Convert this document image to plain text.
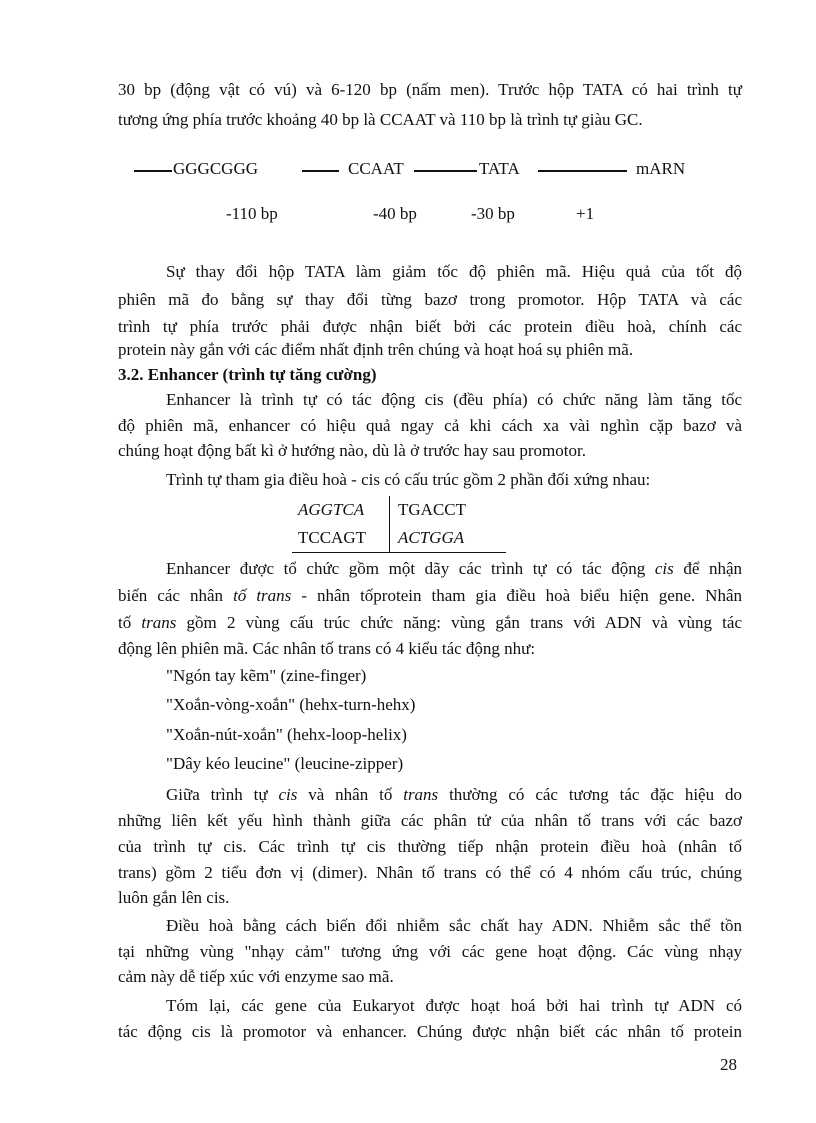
30 bp (động vật có vú) và 6-120 bp (nấm men). Trước hộp TATA có hai trình tự
tương ứng phía trước khoảng 40 bp là CCAAT và 110 bp là trình tự giàu GC.
GGGCGGG	CCAAT	TATA	mARN
-110 bp	-40 bp	-30 bp	+1
Sự thay đổi hộp TATA làm giảm tốc độ phiên mã. Hiệu quả của tốt độ
phiên mã đo bằng sự thay đổi từng bazơ trong promotor. Hộp TATA và các
trình tự phía trước phải được nhận biết bởi các protein điều hoà, chính các
protein này gắn với các điểm nhất định trên chúng và hoạt hoá sụ phiên mã.
3.2. Enhancer (trình tự tăng cường)
Enhancer là trình tự có tác động cis (đều phía) có chức năng làm tăng tốc
độ phiên mã, enhancer có hiệu quả ngay cả khi cách xa vài nghìn cặp bazơ và
chúng hoạt động bất kì ở hướng nào, dù là ở trước hay sau promotor.
Trình tự tham gia điều hoà - cis có cấu trúc gồm 2 phần đối xứng nhau:
AGGTCA TGACCT
TCCAGT ACTGGA
Enhancer được tổ chức gồm một dãy các trình tự có tác động cis để nhận
biến các nhân tố trans - nhân tốprotein tham gia điều hoà biểu hiện gene. Nhân
tố trans gồm 2 vùng cấu trúc chức năng: vùng gắn trans với ADN và vùng tác
động lên phiên mã. Các nhân tố trans có 4 kiểu tác động như:
"Ngón tay kẽm" (zine-finger)
"Xoắn-vòng-xoắn" (hehx-turn-hehx)
"Xoắn-nút-xoắn" (hehx-loop-helix)
"Dây kéo leucine" (leucine-zipper)
Giữa trình tự cis và nhân tố trans thường có các tương tác đặc hiệu do
những liên kết yếu hình thành giữa các phân tử của nhân tố trans với các bazơ
của trình tự cis. Các trình tự cis thường tiếp nhận protein điều hoà (nhân tố
trans) gồm 2 tiểu đơn vị (dimer). Nhân tố trans có thể có 4 nhóm cấu trúc, chúng
luôn gắn lên cis.
Điều hoà bằng cách biến đổi nhiễm sắc chất hay ADN. Nhiễm sắc thể tồn
tại những vùng "nhạy cảm" tương ứng với các gene hoạt động. Các vùng nhạy
cảm này dễ tiếp xúc với enzyme sao mã.
Tóm lại, các gene của Eukaryot được hoạt hoá bởi hai trình tự ADN có
tác động cis là promotor và enhancer. Chúng được nhận biết các nhân tố protein
28
